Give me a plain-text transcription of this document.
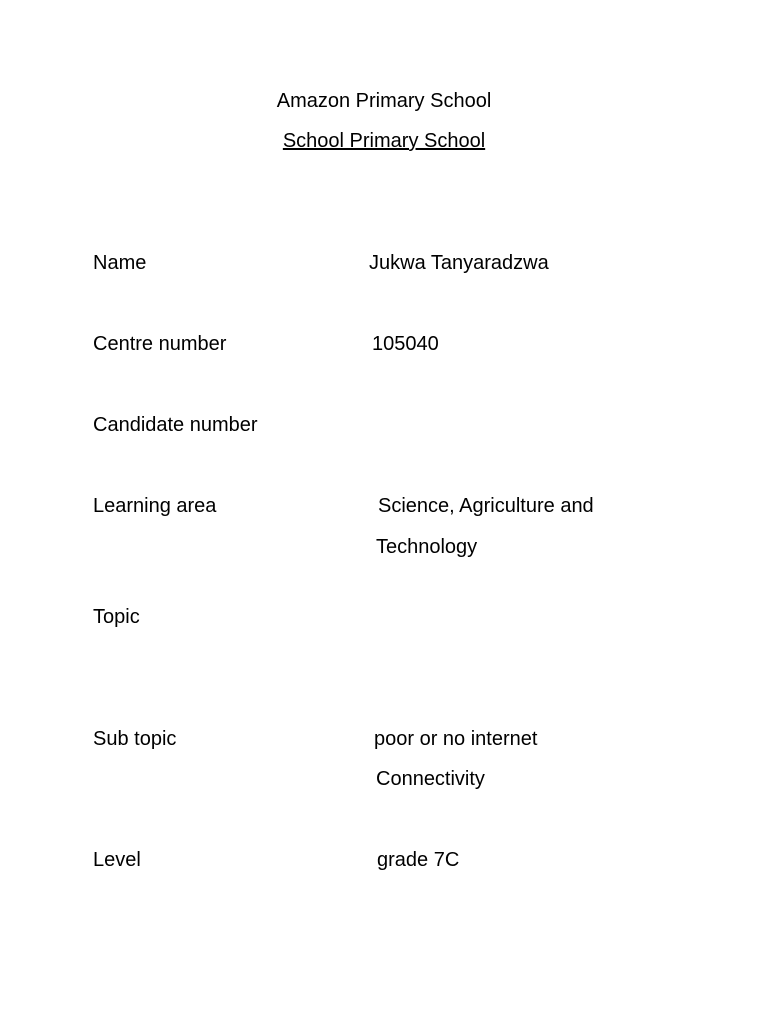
Amazon Primary School
School Primary School
Name	Jukwa Tanyaradzwa
Centre number	105040
Candidate number
Learning area	Science, Agriculture and
Technology
Topic
Sub topic	poor or no internet
Connectivity
Level	grade 7C
